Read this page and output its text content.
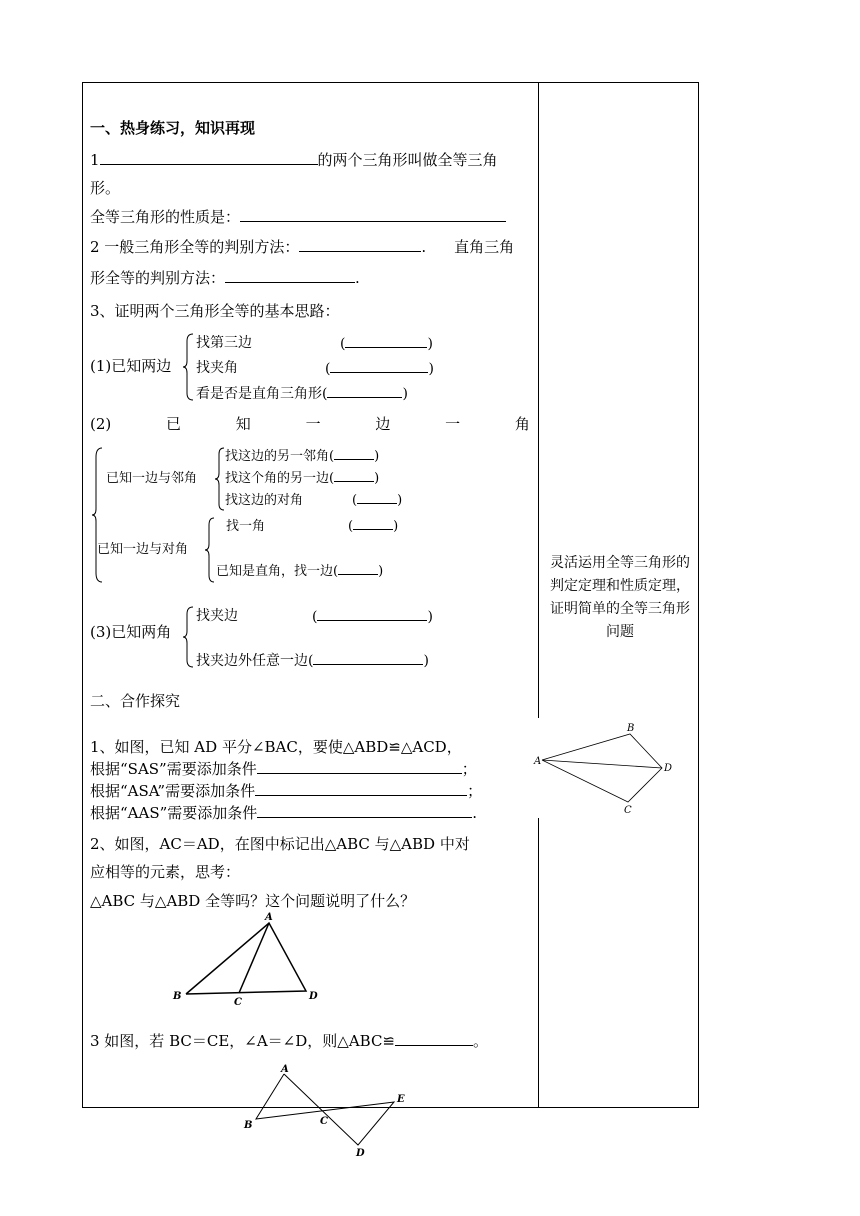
一、热身练习，知识再现
1	的两个三角形叫做全等三角
形。
全等三角形的性质是：
2 一般三角形全等的判别方法：	. 直角三角
形全等的判别方法：	.
3、证明两个三角形全等的基本思路：
(1)已知两边
找第三边	(	)
找夹角	(	)
看是否是直角三角形(	)
(2)	已	知	一	边	一	角
已知一边与邻角
找这边的另一邻角(	)
找这个角的另一边(	)
找这边的对角	(	)
已知一边与对角
找一角	(	)
已知是直角，找一边(	)
(3)已知两角
找夹边	(	)
找夹边外任意一边(	)
二、合作探究
1、如图，已知 AD 平分∠BAC，要使△ABD≌△ACD，
根据“SAS”需要添加条件	；
根据“ASA”需要添加条件	；
根据“AAS”需要添加条件	.
A
B
C
D
2、如图，AC＝AD，在图中标记出△ABC 与△ABD 中对
应相等的元素，思考：
△ABC 与△ABD 全等吗？这个问题说明了什么？
A
B
C
D
3 如图，若 BC＝CE，∠A＝∠D，则△ABC≌	。
A
B	C
D
E
灵活运用全等三角形的判定定理和性质定理，证明简单的全等三角形问题
